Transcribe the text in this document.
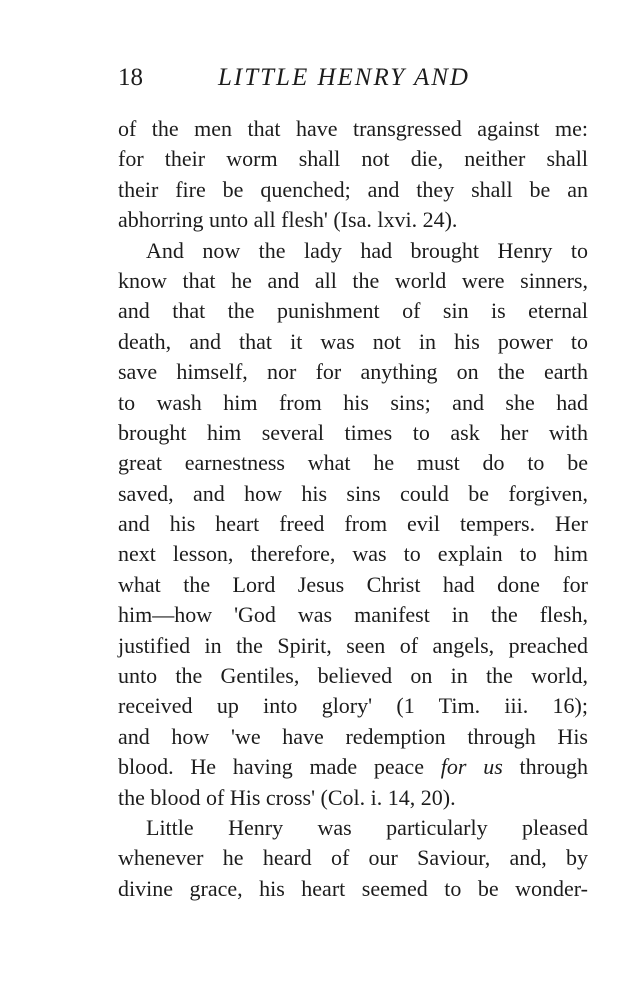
18	LITTLE HENRY AND
of the men that have transgressed against me:
for their worm shall not die, neither shall
their fire be quenched; and they shall be an
abhorring unto all flesh' (Isa. lxvi. 24).
And now the lady had brought Henry to
know that he and all the world were sinners,
and that the punishment of sin is eternal
death, and that it was not in his power to
save himself, nor for anything on the earth
to wash him from his sins; and she had
brought him several times to ask her with
great earnestness what he must do to be
saved, and how his sins could be forgiven,
and his heart freed from evil tempers. Her
next lesson, therefore, was to explain to him
what the Lord Jesus Christ had done for
him—how 'God was manifest in the flesh,
justified in the Spirit, seen of angels, preached
unto the Gentiles, believed on in the world,
received up into glory' (1 Tim. iii. 16);
and how 'we have redemption through His
blood. He having made peace for us through
the blood of His cross' (Col. i. 14, 20).
Little Henry was particularly pleased
whenever he heard of our Saviour, and, by
divine grace, his heart seemed to be wonder-
